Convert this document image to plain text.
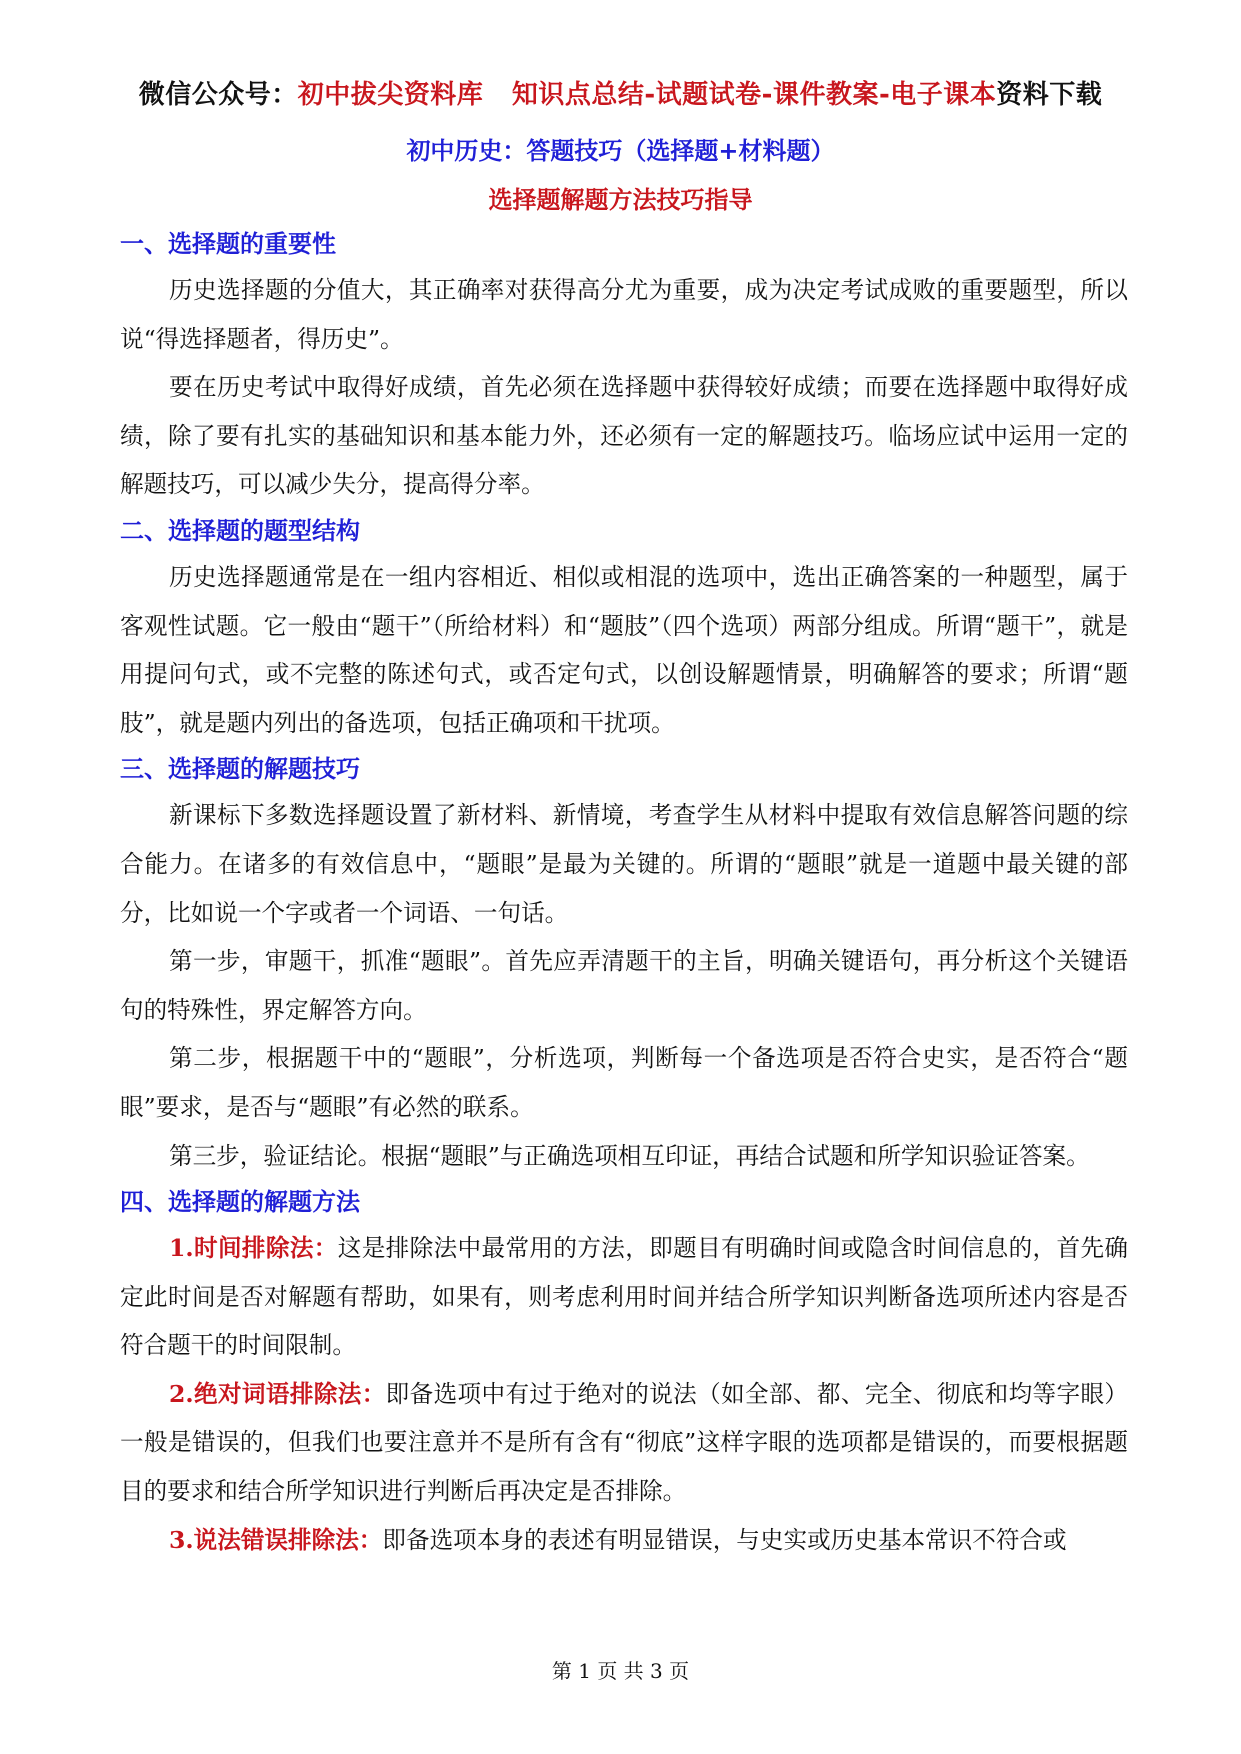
微信公众号：初中拔尖资料库   知识点总结-试题试卷-课件教案-电子课本资料下载
初中历史：答题技巧（选择题+材料题）
选择题解题方法技巧指导
一、选择题的重要性

历史选择题的分值大，其正确率对获得高分尤为重要，成为决定考试成败的重要题型，所以说“得选择题者，得历史”。

要在历史考试中取得好成绩，首先必须在选择题中获得较好成绩；而要在选择题中取得好成绩，除了要有扎实的基础知识和基本能力外，还必须有一定的解题技巧。临场应试中运用一定的解题技巧，可以减少失分，提高得分率。

二、选择题的题型结构

历史选择题通常是在一组内容相近、相似或相混的选项中，选出正确答案的一种题型，属于客观性试题。它一般由“题干”（所给材料）和“题肢”（四个选项）两部分组成。所谓“题干”，就是用提问句式，或不完整的陈述句式，或否定句式，以创设解题情景，明确解答的要求；所谓“题肢”，就是题内列出的备选项，包括正确项和干扰项。

三、选择题的解题技巧

新课标下多数选择题设置了新材料、新情境，考查学生从材料中提取有效信息解答问题的综合能力。在诸多的有效信息中，“题眼”是最为关键的。所谓的“题眼”就是一道题中最关键的部分，比如说一个字或者一个词语、一句话。

第一步，审题干，抓准“题眼”。首先应弄清题干的主旨，明确关键语句，再分析这个关键语句的特殊性，界定解答方向。

第二步，根据题干中的“题眼”，分析选项，判断每一个备选项是否符合史实，是否符合“题眼”要求，是否与“题眼”有必然的联系。

第三步，验证结论。根据“题眼”与正确选项相互印证，再结合试题和所学知识验证答案。

四、选择题的解题方法

1.时间排除法：这是排除法中最常用的方法，即题目有明确时间或隐含时间信息的，首先确定此时间是否对解题有帮助，如果有，则考虑利用时间并结合所学知识判断备选项所述内容是否符合题干的时间限制。

2.绝对词语排除法：即备选项中有过于绝对的说法（如全部、都、完全、彻底和均等字眼）一般是错误的，但我们也要注意并不是所有含有“彻底”这样字眼的选项都是错误的，而要根据题目的要求和结合所学知识进行判断后再决定是否排除。

3.说法错误排除法：即备选项本身的表述有明显错误，与史实或历史基本常识不符合或

第 1 页 共 3 页
